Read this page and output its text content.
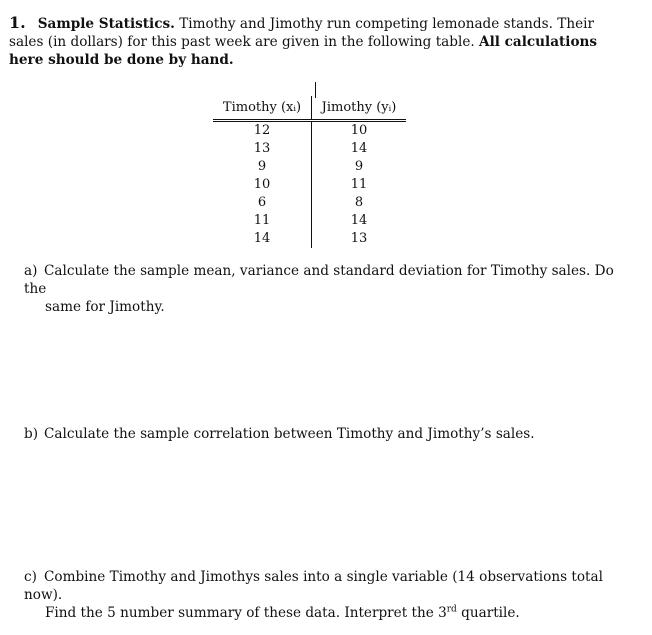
1. Sample Statistics. Timothy and Jimothy run competing lemonade stands. Their sales (in dollars) for this past week are given in the following table. All calculations here should be done by hand.

Timothy (xᵢ)	Jimothy (yᵢ)
12	10
13	14
9	9
10	11
6	8
11	14
14	13
a) Calculate the sample mean, variance and standard deviation for Timothy sales. Do the
same for Jimothy.
b) Calculate the sample correlation between Timothy and Jimothy’s sales.
c) Combine Timothy and Jimothys sales into a single variable (14 observations total now).
Find the 5 number summary of these data. Interpret the 3rd quartile.
